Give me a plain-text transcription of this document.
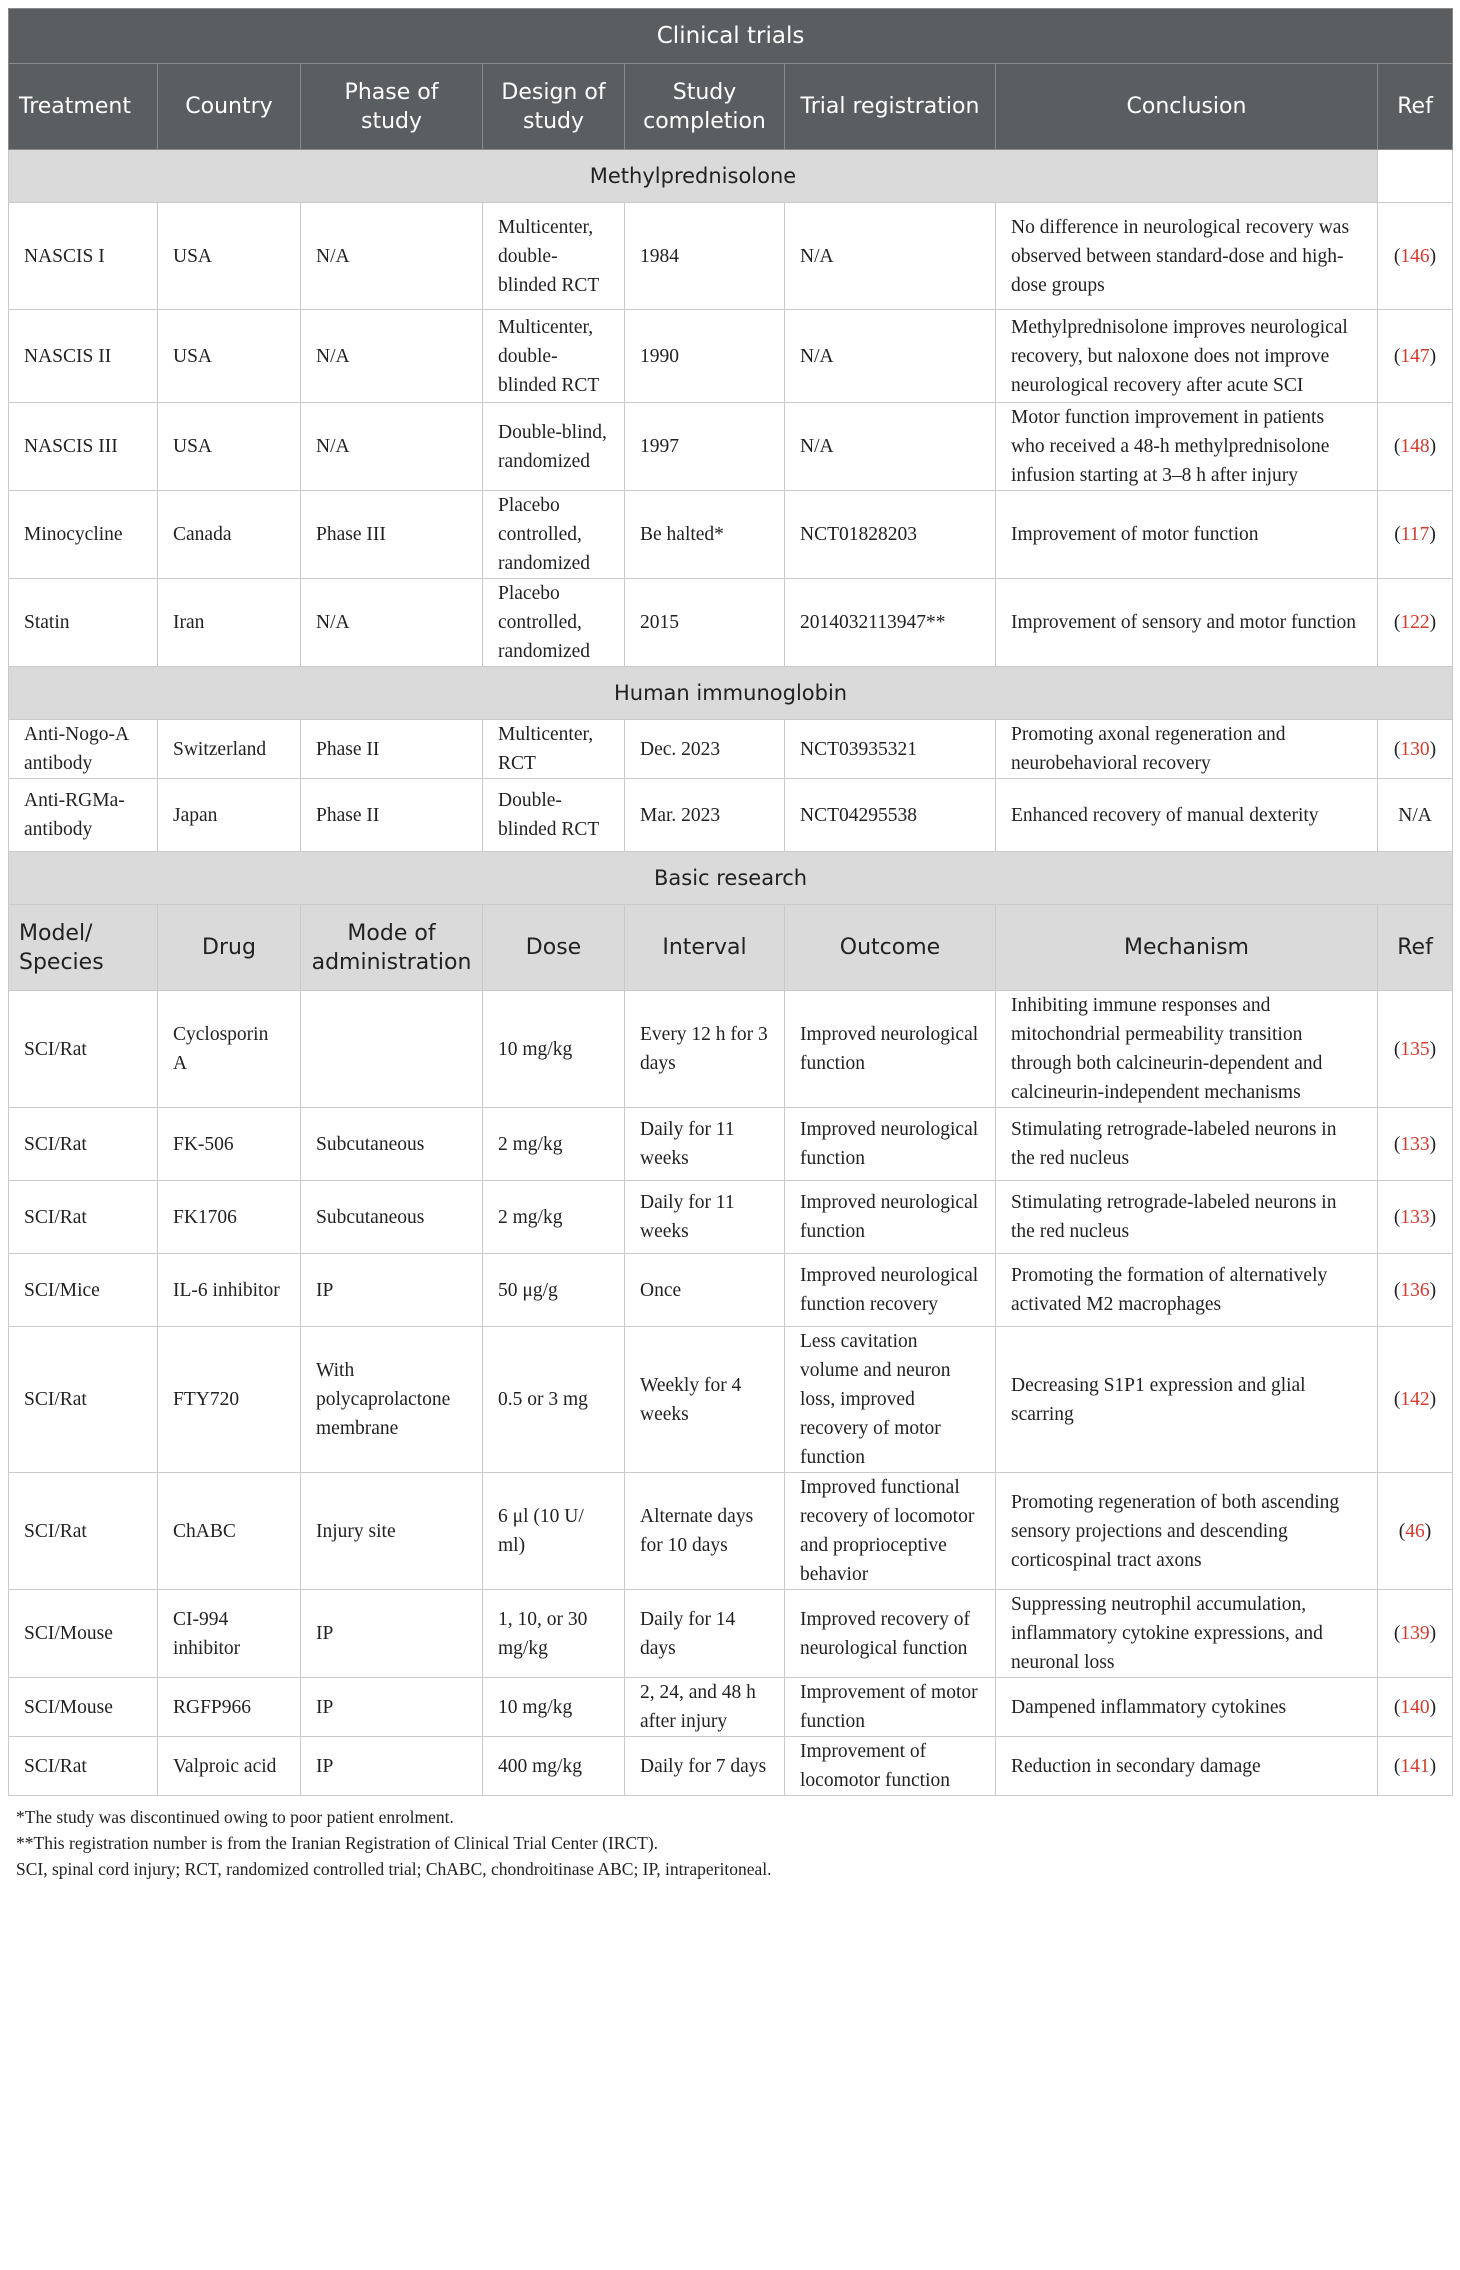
Clinical trials							
Treatment	Country	Phase of study	Design of study	Study completion	Trial registration	Conclusion	Ref
Methylprednisolone							
NASCIS I	USA	N/A	Multicenter, double-blinded RCT	1984	N/A	No difference in neurological recovery was observed between standard-dose and high-dose groups	(146)
NASCIS II	USA	N/A	Multicenter, double-blinded RCT	1990	N/A	Methylprednisolone improves neurological recovery, but naloxone does not improve neurological recovery after acute SCI	(147)
NASCIS III	USA	N/A	Double-blind, randomized	1997	N/A	Motor function improvement in patients who received a 48-h methylprednisolone infusion starting at 3–8 h after injury	(148)
Minocycline	Canada	Phase III	Placebo controlled, randomized	Be halted*	NCT01828203	Improvement of motor function	(117)
Statin	Iran	N/A	Placebo controlled, randomized	2015	2014032113947**	Improvement of sensory and motor function	(122)
Human immunoglobin							
Anti-Nogo-A antibody	Switzerland	Phase II	Multicenter, RCT	Dec. 2023	NCT03935321	Promoting axonal regeneration and neurobehavioral recovery	(130)
Anti-RGMa-antibody	Japan	Phase II	Double-blinded RCT	Mar. 2023	NCT04295538	Enhanced recovery of manual dexterity	N/A
Basic research							
Model/ Species	Drug	Mode of administration	Dose	Interval	Outcome	Mechanism	Ref
SCI/Rat	Cyclosporin A		10 mg/kg	Every 12 h for 3 days	Improved neurological function	Inhibiting immune responses and mitochondrial permeability transition through both calcineurin-dependent and calcineurin-independent mechanisms	(135)
SCI/Rat	FK-506	Subcutaneous	2 mg/kg	Daily for 11 weeks	Improved neurological function	Stimulating retrograde-labeled neurons in the red nucleus	(133)
SCI/Rat	FK1706	Subcutaneous	2 mg/kg	Daily for 11 weeks	Improved neurological function	Stimulating retrograde-labeled neurons in the red nucleus	(133)
SCI/Mice	IL-6 inhibitor	IP	50 μg/g	Once	Improved neurological function recovery	Promoting the formation of alternatively activated M2 macrophages	(136)
SCI/Rat	FTY720	With polycaprolactone membrane	0.5 or 3 mg	Weekly for 4 weeks	Less cavitation volume and neuron loss, improved recovery of motor function	Decreasing S1P1 expression and glial scarring	(142)
SCI/Rat	ChABC	Injury site	6 μl (10 U/ ml)	Alternate days for 10 days	Improved functional recovery of locomotor and proprioceptive behavior	Promoting regeneration of both ascending sensory projections and descending corticospinal tract axons	(46)
SCI/Mouse	CI-994 inhibitor	IP	1, 10, or 30 mg/kg	Daily for 14 days	Improved recovery of neurological function	Suppressing neutrophil accumulation, inflammatory cytokine expressions, and neuronal loss	(139)
SCI/Mouse	RGFP966	IP	10 mg/kg	2, 24, and 48 h after injury	Improvement of motor function	Dampened inflammatory cytokines	(140)
SCI/Rat	Valproic acid	IP	400 mg/kg	Daily for 7 days	Improvement of locomotor function	Reduction in secondary damage	(141)
*The study was discontinued owing to poor patient enrolment.
**This registration number is from the Iranian Registration of Clinical Trial Center (IRCT).
SCI, spinal cord injury; RCT, randomized controlled trial; ChABC, chondroitinase ABC; IP, intraperitoneal.
